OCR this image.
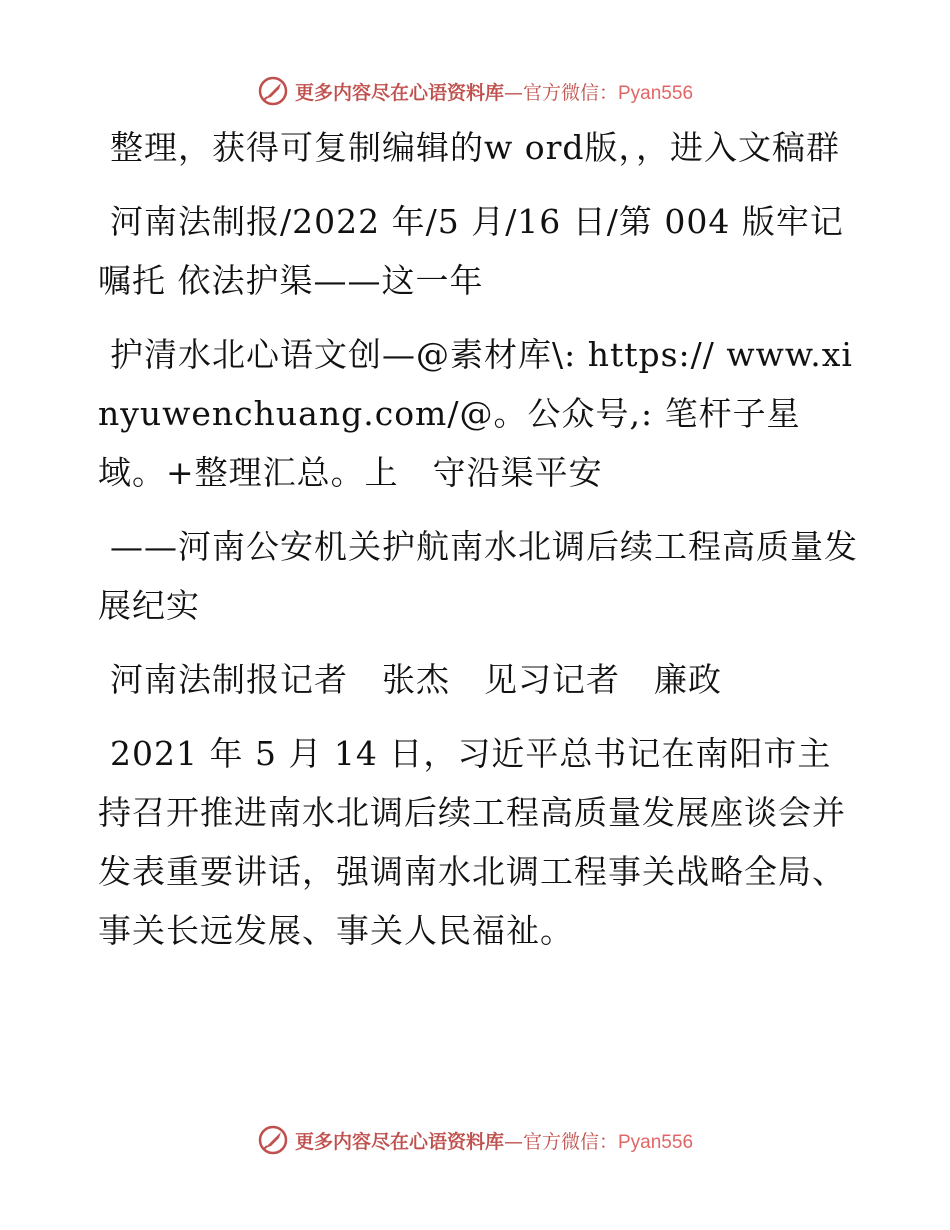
更多内容尽在心语资料库—官方微信：Pyan556

整理，获得可复制编辑的w ord版，，进入文稿群

河南法制报/2022 年/5 月/16 日/第 004 版牢记嘱托 依法护渠——这一年

护清水北心语文创—@素材库\: https:// www.xinyuwenchuang.com/@。公众号,: 笔杆子星域。+整理汇总。上　守沿渠平安

——河南公安机关护航南水北调后续工程高质量发展纪实

河南法制报记者　张杰　见习记者　廉政

2021 年 5 月 14 日，习近平总书记在南阳市主持召开推进南水北调后续工程高质量发展座谈会并发表重要讲话，强调南水北调工程事关战略全局、事关长远发展、事关人民福祉。

更多内容尽在心语资料库—官方微信：Pyan556
